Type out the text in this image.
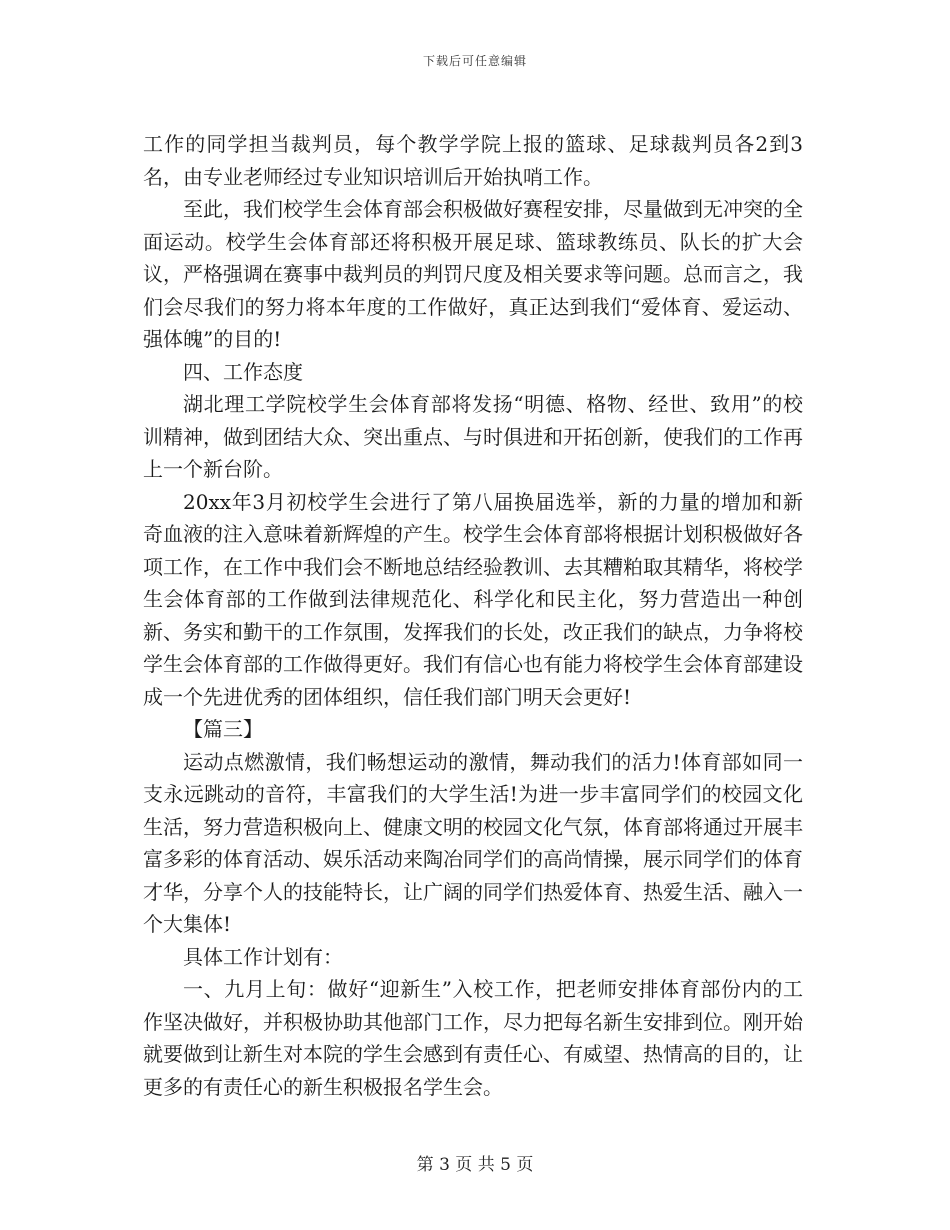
下载后可任意编辑

工作的同学担当裁判员，每个教学学院上报的篮球、足球裁判员各2到3名，由专业老师经过专业知识培训后开始执哨工作。

至此，我们校学生会体育部会积极做好赛程安排，尽量做到无冲突的全面运动。校学生会体育部还将积极开展足球、篮球教练员、队长的扩大会议，严格强调在赛事中裁判员的判罚尺度及相关要求等问题。总而言之，我们会尽我们的努力将本年度的工作做好，真正达到我们“爱体育、爱运动、强体魄”的目的!

四、工作态度

湖北理工学院校学生会体育部将发扬“明德、格物、经世、致用”的校训精神，做到团结大众、突出重点、与时俱进和开拓创新，使我们的工作再上一个新台阶。

20xx年3月初校学生会进行了第八届换届选举，新的力量的增加和新奇血液的注入意味着新辉煌的产生。校学生会体育部将根据计划积极做好各项工作，在工作中我们会不断地总结经验教训、去其糟粕取其精华，将校学生会体育部的工作做到法律规范化、科学化和民主化，努力营造出一种创新、务实和勤干的工作氛围，发挥我们的长处，改正我们的缺点，力争将校学生会体育部的工作做得更好。我们有信心也有能力将校学生会体育部建设成一个先进优秀的团体组织，信任我们部门明天会更好!

【篇三】

运动点燃激情，我们畅想运动的激情，舞动我们的活力!体育部如同一支永远跳动的音符，丰富我们的大学生活!为进一步丰富同学们的校园文化生活，努力营造积极向上、健康文明的校园文化气氛，体育部将通过开展丰富多彩的体育活动、娱乐活动来陶冶同学们的高尚情操，展示同学们的体育才华，分享个人的技能特长，让广阔的同学们热爱体育、热爱生活、融入一个大集体!

具体工作计划有：

一、九月上旬：做好“迎新生”入校工作，把老师安排体育部份内的工作坚决做好，并积极协助其他部门工作，尽力把每名新生安排到位。刚开始就要做到让新生对本院的学生会感到有责任心、有威望、热情高的目的，让更多的有责任心的新生积极报名学生会。

第 3 页 共 5 页
